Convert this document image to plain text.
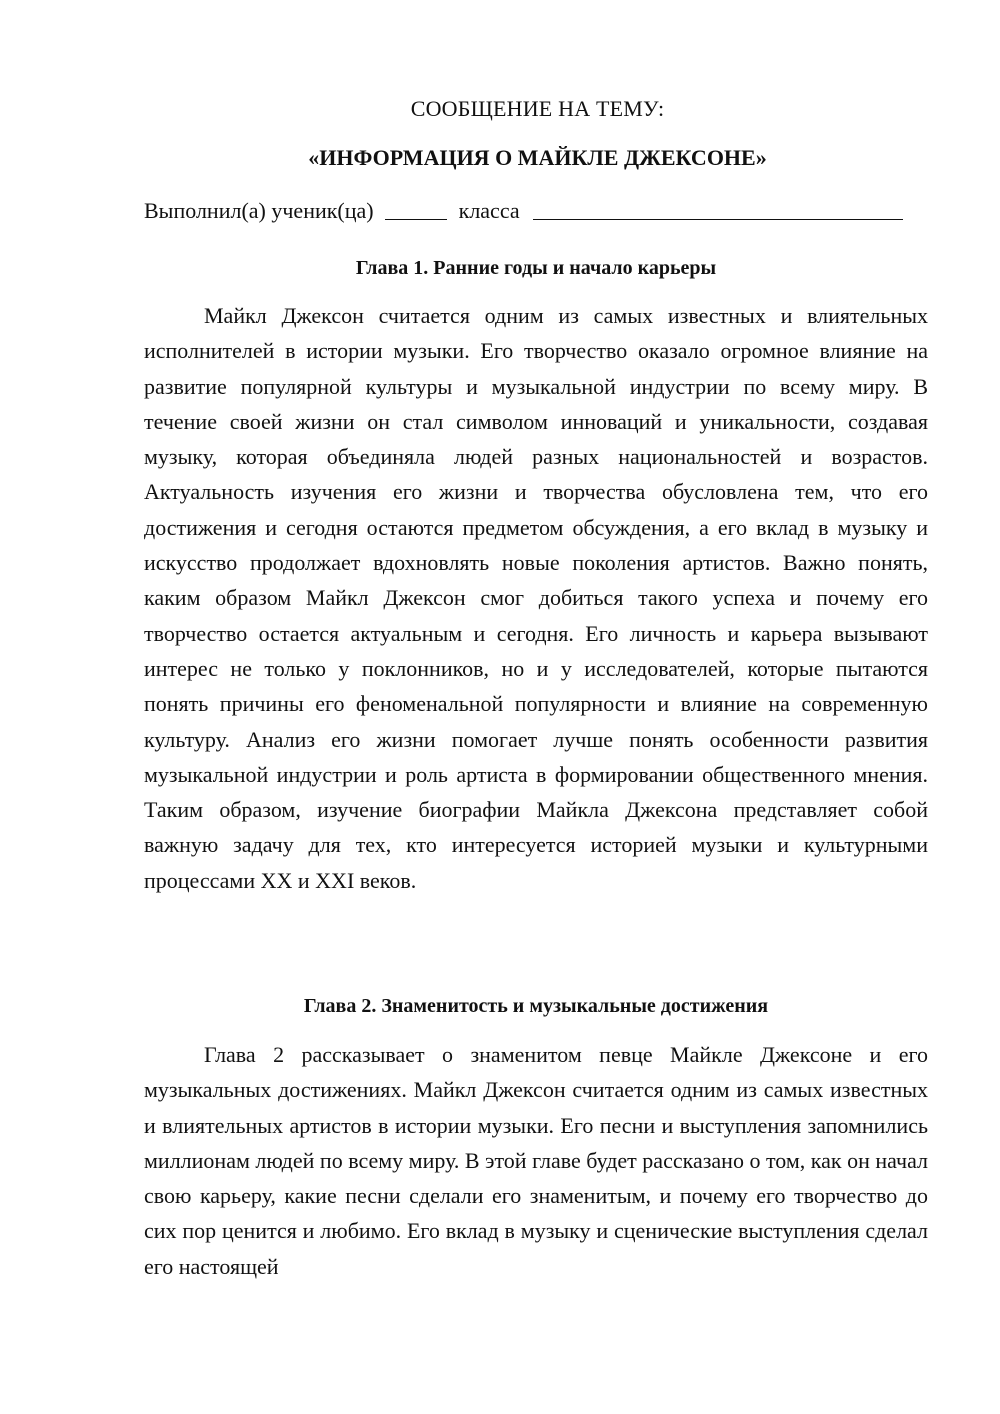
СООБЩЕНИЕ НА ТЕМУ:
«ИНФОРМАЦИЯ О МАЙКЛЕ ДЖЕКСОНЕ»
Выполнил(а) ученик(ца)	класса
Глава 1. Ранние годы и начало карьеры

Майкл Джексон считается одним из самых известных и влиятельных исполнителей в истории музыки. Его творчество оказало огромное влияние на развитие популярной культуры и музыкальной индустрии по всему миру. В течение своей жизни он стал символом инноваций и уникальности, создавая музыку, которая объединяла людей разных национальностей и возрастов. Актуальность изучения его жизни и творчества обусловлена тем, что его достижения и сегодня остаются предметом обсуждения, а его вклад в музыку и искусство продолжает вдохновлять новые поколения артистов. Важно понять, каким образом Майкл Джексон смог добиться такого успеха и почему его творчество остается актуальным и сегодня. Его личность и карьера вызывают интерес не только у поклонников, но и у исследователей, которые пытаются понять причины его феноменальной популярности и влияние на современную культуру. Анализ его жизни помогает лучше понять особенности развития музыкальной индустрии и роль артиста в формировании общественного мнения. Таким образом, изучение биографии Майкла Джексона представляет собой важную задачу для тех, кто интересуется историей музыки и культурными процессами XX и XXI веков.

Глава 2. Знаменитость и музыкальные достижения

Глава 2 рассказывает о знаменитом певце Майкле Джексоне и его музыкальных достижениях. Майкл Джексон считается одним из самых известных и влиятельных артистов в истории музыки. Его песни и выступления запомнились миллионам людей по всему миру. В этой главе будет рассказано о том, как он начал свою карьеру, какие песни сделали его знаменитым, и почему его творчество до сих пор ценится и любимо. Его вклад в музыку и сценические выступления сделал его настоящей
